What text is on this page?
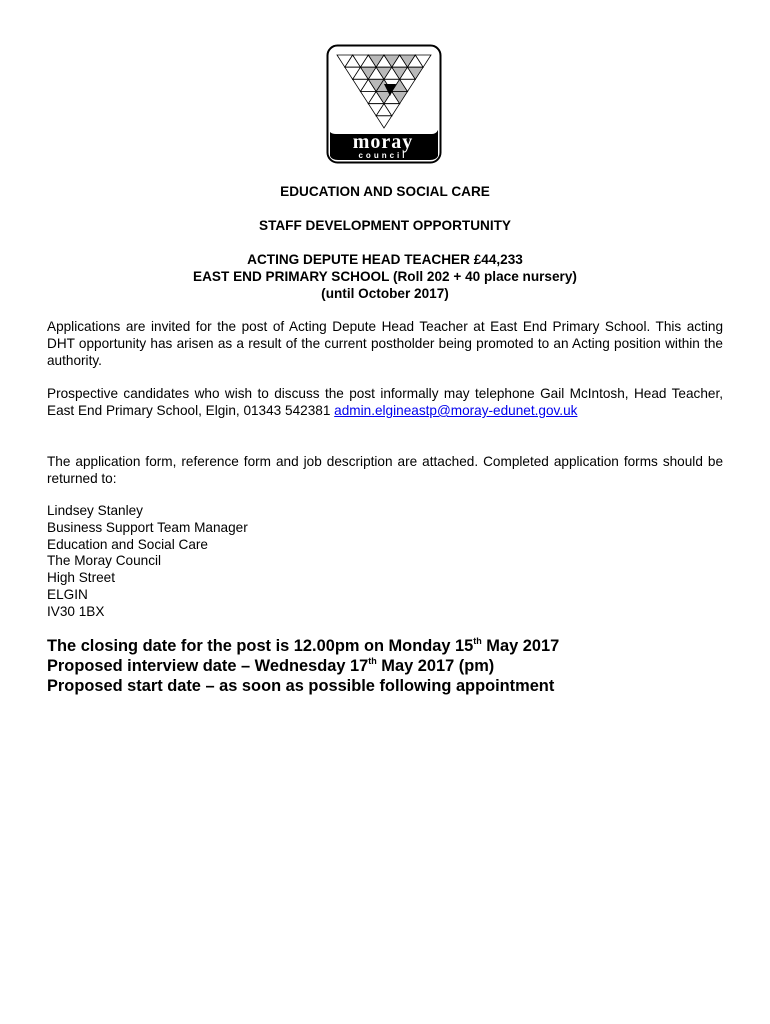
moray
council
EDUCATION AND SOCIAL CARE
STAFF DEVELOPMENT OPPORTUNITY
ACTING DEPUTE HEAD TEACHER £44,233
EAST END PRIMARY SCHOOL (Roll 202 + 40 place nursery)
(until October 2017)

Applications are invited for the post of Acting Depute Head Teacher at East End Primary School. This acting DHT opportunity has arisen as a result of the current postholder being promoted to an Acting position within the authority.

Prospective candidates who wish to discuss the post informally may telephone Gail McIntosh, Head Teacher, East End Primary School, Elgin, 01343 542381 admin.elgineastp@moray-edunet.gov.uk

The application form, reference form and job description are attached. Completed application forms should be returned to:

Lindsey Stanley
Business Support Team Manager
Education and Social Care
The Moray Council
High Street
ELGIN
IV30 1BX
The closing date for the post is 12.00pm on Monday 15th May 2017
Proposed interview date – Wednesday 17th May 2017 (pm)
Proposed start date – as soon as possible following appointment
